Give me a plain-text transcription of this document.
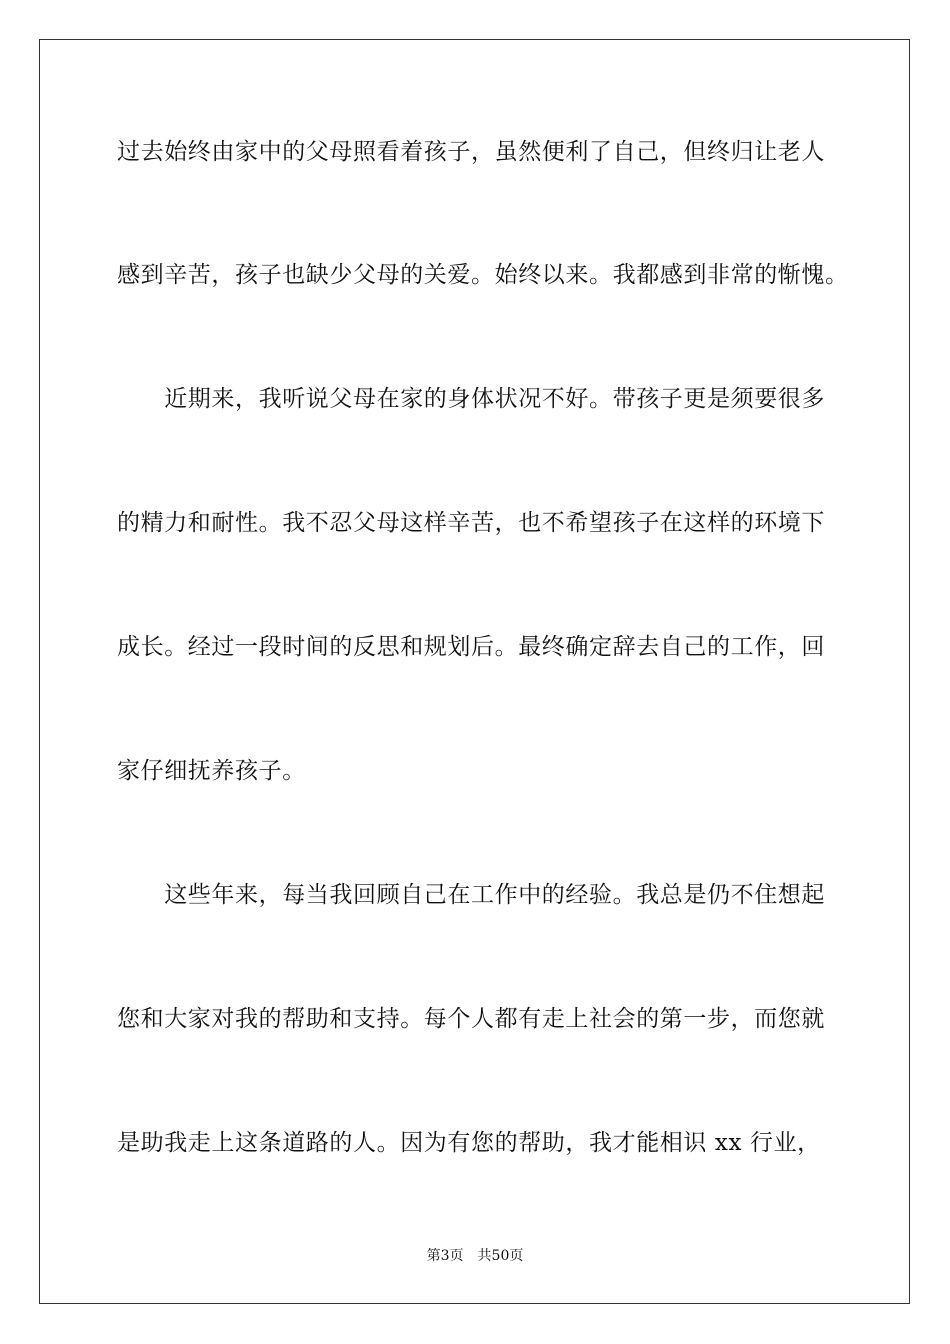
过去始终由家中的父母照看着孩子，虽然便利了自己，但终归让老人
感到辛苦，孩子也缺少父母的关爱。始终以来。我都感到非常的惭愧。
　　近期来，我听说父母在家的身体状况不好。带孩子更是须要很多
的精力和耐性。我不忍父母这样辛苦，也不希望孩子在这样的环境下
成长。经过一段时间的反思和规划后。最终确定辞去自己的工作，回
家仔细抚养孩子。
　　这些年来，每当我回顾自己在工作中的经验。我总是仍不住想起
您和大家对我的帮助和支持。每个人都有走上社会的第一步，而您就
是助我走上这条道路的人。因为有您的帮助，我才能相识 xx 行业，
第3页 共50页
